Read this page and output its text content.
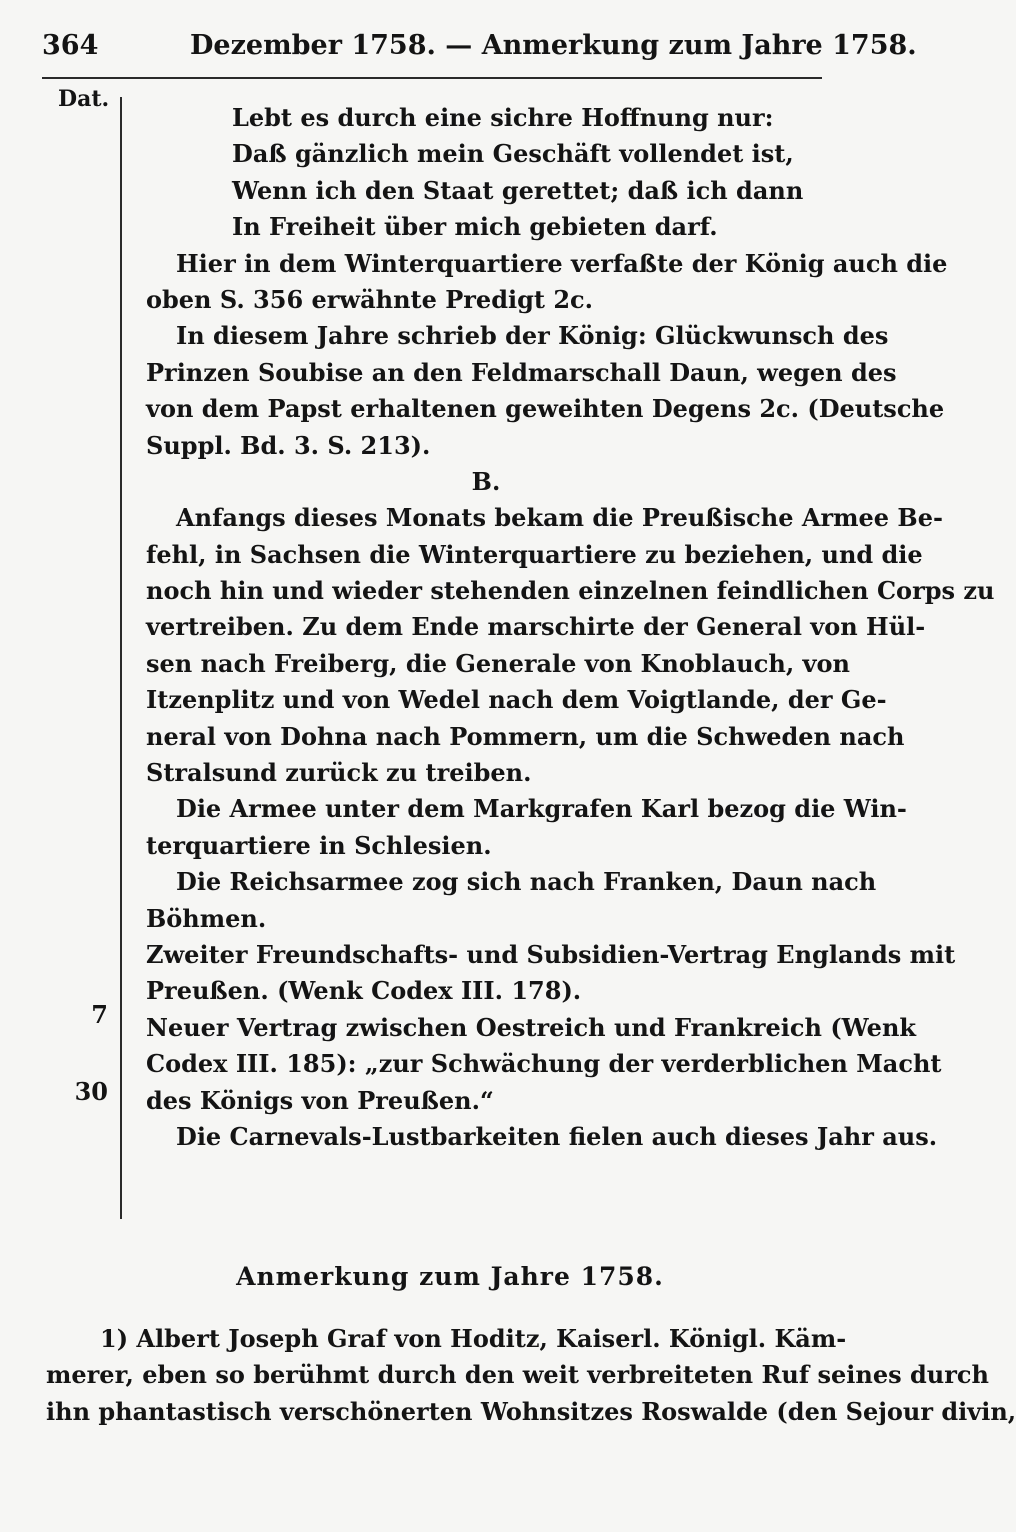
364	Dezember 1758. — Anmerkung zum Jahre 1758.
Dat.
7
30
Lebt es durch eine sichre Hoffnung nur:
Daß gänzlich mein Geschäft vollendet ist,
Wenn ich den Staat gerettet; daß ich dann
In Freiheit über mich gebieten darf.
Hier in dem Winterquartiere verfaßte der König auch die
oben S. 356 erwähnte Predigt 2c.
In diesem Jahre schrieb der König: Glückwunsch des
Prinzen Soubise an den Feldmarschall Daun, wegen des
von dem Papst erhaltenen geweihten Degens 2c. (Deutsche
Suppl. Bd. 3. S. 213).
B.
Anfangs dieses Monats bekam die Preußische Armee Be-
fehl, in Sachsen die Winterquartiere zu beziehen, und die
noch hin und wieder stehenden einzelnen feindlichen Corps zu
vertreiben. Zu dem Ende marschirte der General von Hül-
sen nach Freiberg, die Generale von Knoblauch, von
Itzenplitz und von Wedel nach dem Voigtlande, der Ge-
neral von Dohna nach Pommern, um die Schweden nach
Stralsund zurück zu treiben.
Die Armee unter dem Markgrafen Karl bezog die Win-
terquartiere in Schlesien.
Die Reichsarmee zog sich nach Franken, Daun nach
Böhmen.
Zweiter Freundschafts- und Subsidien-Vertrag Englands mit
Preußen. (Wenk Codex III. 178).
Neuer Vertrag zwischen Oestreich und Frankreich (Wenk
Codex III. 185): „zur Schwächung der verderblichen Macht
des Königs von Preußen.“
Die Carnevals-Lustbarkeiten fielen auch dieses Jahr aus.
Anmerkung zum Jahre 1758.
1) Albert Joseph Graf von Hoditz, Kaiserl. Königl. Käm-
merer, eben so berühmt durch den weit verbreiteten Ruf seines durch
ihn phantastisch verschönerten Wohnsitzes Roswalde (den Sejour divin,
